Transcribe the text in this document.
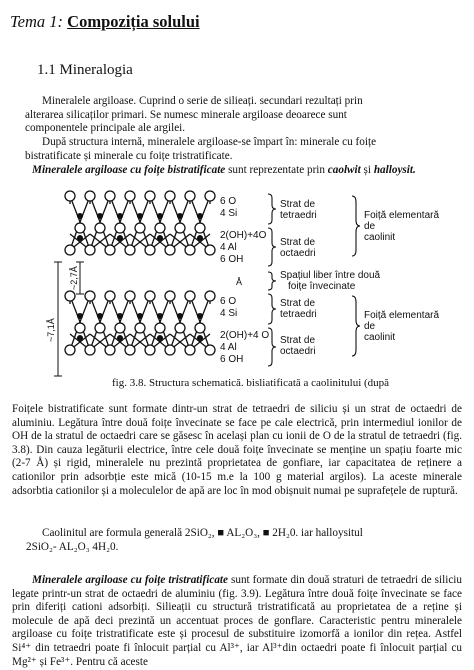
Tema 1: Compoziția solului
1.1 Mineralogia
Mineralele argiloase. Cuprind o serie de silieați. secundari rezultați prin
alterarea silicaților primari. Se numesc minerale argiloase deoarece sunt
componentele principale ale argilei.
După structura internă, mineralele argiloase-se împart în: minerale cu foițe
bistratificate și minerale cu foițe tristratificate.
Mineralele argiloase cu foițe bistratificate sunt reprezentate prin caolwit și halloysit.
~2,7Å
~7,1Å
Å
6 O
4 Si
2(OH)+4O
4 Al
6 OH
6 O
4 Si
2(OH)+4 O
4 Al
6 OH
Strat de
tetraedri
Strat de
octaedri
Spațiul liber între două
foițe învecinate
Strat de
tetraedri
Strat de
octaedri
Foiță elementară
de
caolinit
Foiță elementară
de
caolinit
fig. 3.8. Structura schematică. bisliatificată a caolinitului (după
Foițele bistratificate sunt formate dintr-un strat de tetraedri de siliciu și un strat de octaedri de aluminiu. Legătura între două foițe învecinate se face pe cale electrică, prin intermediul ionilor de OH de la stratul de octaedri care se găsesc în același plan cu ionii de O de la stratul de tetraedri (fig. 3.8). Din cauza legăturii electrice, între cele două foițe învecinate se menține un spațiu foarte mic (2-7 Å) și rigid, mineralele nu prezintă proprietatea de gonfiare, iar capacitatea de reținere a cationilor prin adsorbție este mică (10-15 m.e la 100 g material argilos). La aceste minerale adsorbtia cationilor și a moleculelor de apă are loc în mod obișnuit numai pe suprafețele de ruptură.
Caolinitul are formula generală 2SiO₂, ■ AL₂O₃, ■ 2H₂0. iar halloysitul
2SiO₂- AL₂O₃ 4H₂0.
Mineralele argiloase cu foițe tristratificate sunt formate din două straturi de tetraedri de siliciu legate printr-un strat de octaedri de aluminiu (fig. 3.9). Legătura între două foițe învecinate se face prin diferiți cationi adsorbiți. Silieații cu structură tristratificată au proprietatea de a reține și molecule de apă deci prezintă un accentuat proces de gonflare. Caracteristic pentru mineralele argiloase cu foițe tristratificate este și procesul de substituire izomorfă a ionilor din rețea. Astfel Si⁴⁺ din tetraedri poate fi înlocuit parțial cu Al³⁺, iar Al³⁺din octaedri poate fi înlocuit parțial cu Mg²⁺ și Fe³⁺. Pentru că aceste
